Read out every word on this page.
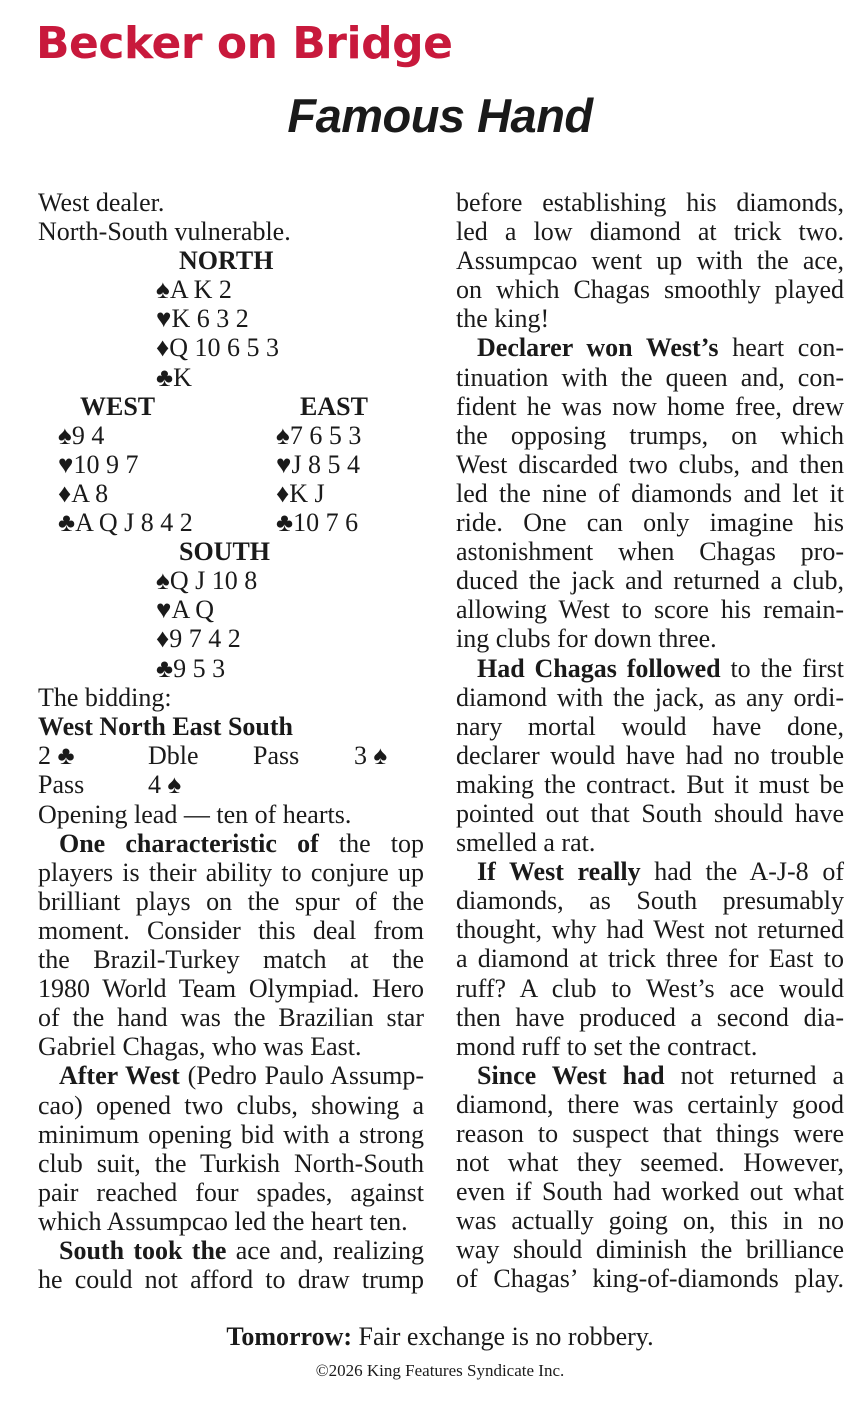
Becker on Bridge
Famous Hand
West dealer.
North-South vulnerable.
NORTH
♠A K 2
♥K 6 3 2
♦Q 10 6 5 3
♣K
WEST
♠9 4
♥10 9 7
♦A 8
♣A Q J 8 4 2
EAST
♠7 6 5 3
♥J 8 5 4
♦K J
♣10 7 6
SOUTH
♠Q J 10 8
♥A Q
♦9 7 4 2
♣9 5 3
The bidding:
West North East South
2 ♣	Dble Pass 3 ♠
Pass 4 ♠
Opening lead — ten of hearts.
One characteristic of the top
players is their ability to conjure up
brilliant plays on the spur of the
moment. Consider this deal from
the Brazil-Turkey match at the
1980 World Team Olympiad. Hero
of the hand was the Brazilian star
Gabriel Chagas, who was East.
After West (Pedro Paulo Assump-
cao) opened two clubs, showing a
minimum opening bid with a strong
club suit, the Turkish North-South
pair reached four spades, against
which Assumpcao led the heart ten.
South took the ace and, realizing
he could not afford to draw trump
before establishing his diamonds,
led a low diamond at trick two.
Assumpcao went up with the ace,
on which Chagas smoothly played
the king!
Declarer won West’s heart con-
tinuation with the queen and, con-
fident he was now home free, drew
the opposing trumps, on which
West discarded two clubs, and then
led the nine of diamonds and let it
ride. One can only imagine his
astonishment when Chagas pro-
duced the jack and returned a club,
allowing West to score his remain-
ing clubs for down three.
Had Chagas followed to the first
diamond with the jack, as any ordi-
nary mortal would have done,
declarer would have had no trouble
making the contract. But it must be
pointed out that South should have
smelled a rat.
If West really had the A-J-8 of
diamonds, as South presumably
thought, why had West not returned
a diamond at trick three for East to
ruff? A club to West’s ace would
then have produced a second dia-
mond ruff to set the contract.
Since West had not returned a
diamond, there was certainly good
reason to suspect that things were
not what they seemed. However,
even if South had worked out what
was actually going on, this in no
way should diminish the brilliance
of Chagas’ king-of-diamonds play.
Tomorrow: Fair exchange is no robbery.
©2026 King Features Syndicate Inc.
